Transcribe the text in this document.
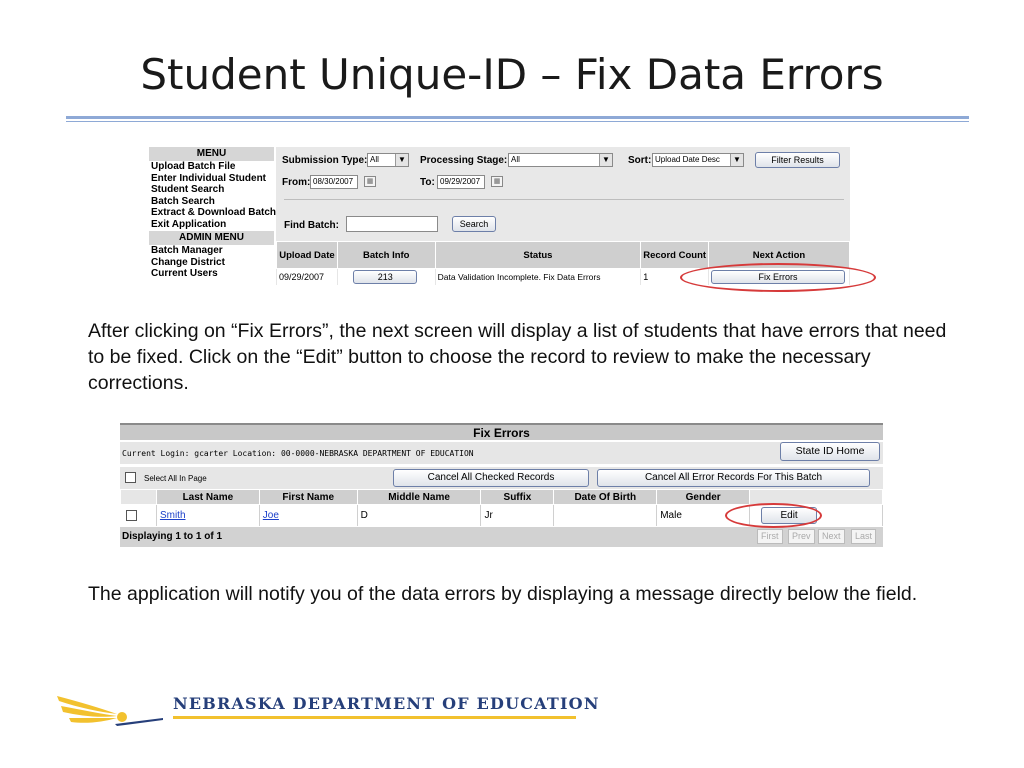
Student Unique-ID – Fix Data Errors
MENU
Upload Batch File
Enter Individual Student
Student Search
Batch Search
Extract & Download Batch
Exit Application
ADMIN MENU
Batch Manager
Change District
Current Users
Submission Type: All	▼ Processing Stage: All	▼ Sort: Upload Date Desc	▼	Filter Results
From: 08/30/2007	▦	To: 09/29/2007	▦
Find Batch:	Search
Upload Date	Batch Info	Status	Record Count	Next Action
09/29/2007	213	Data Validation Incomplete. Fix Data Errors	1	Fix Errors
After clicking on “Fix Errors”, the next screen will display a list of students that have errors that need to be fixed. Click on the “Edit” button to choose the record to review to make the necessary corrections.
Fix Errors
Current Login: gcarter Location: 00-0000-NEBRASKA DEPARTMENT OF EDUCATION	State ID Home
Select All In Page	Cancel All Checked Records	Cancel All Error Records For This Batch
	Last Name	First Name	Middle Name	Suffix	Date Of Birth	Gender	

	Smith	Joe	D	Jr		Male	Edit
Displaying 1 to 1 of 1	First	Prev	Next	Last
The application will notify you of the data errors by displaying a message directly below the field.
NEBRASKA DEPARTMENT OF EDUCATION
